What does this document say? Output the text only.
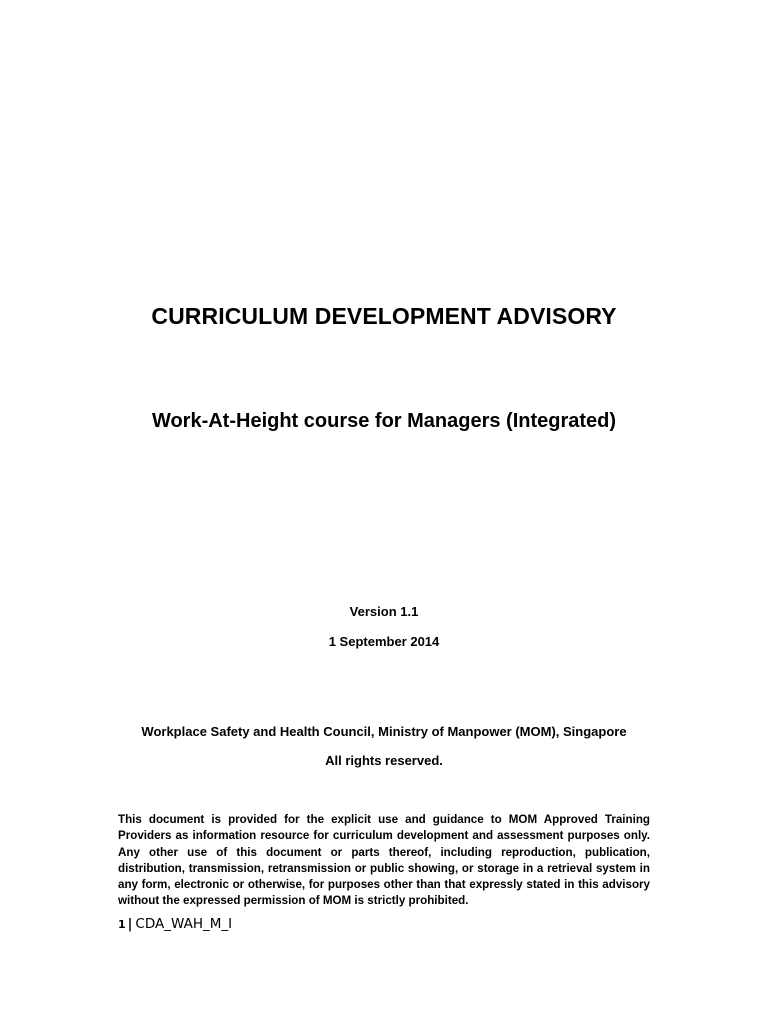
CURRICULUM DEVELOPMENT ADVISORY
Work-At-Height course for Managers (Integrated)
Version 1.1
1 September 2014
Workplace Safety and Health Council, Ministry of Manpower (MOM), Singapore
All rights reserved.
This document is provided for the explicit use and guidance to MOM Approved Training Providers as information resource for curriculum development and assessment purposes only. Any other use of this document or parts thereof, including reproduction, publication, distribution, transmission, retransmission or public showing, or storage in a retrieval system in any form, electronic or otherwise, for purposes other than that expressly stated in this advisory without the expressed permission of MOM is strictly prohibited.
1 | CDA_WAH_M_I
